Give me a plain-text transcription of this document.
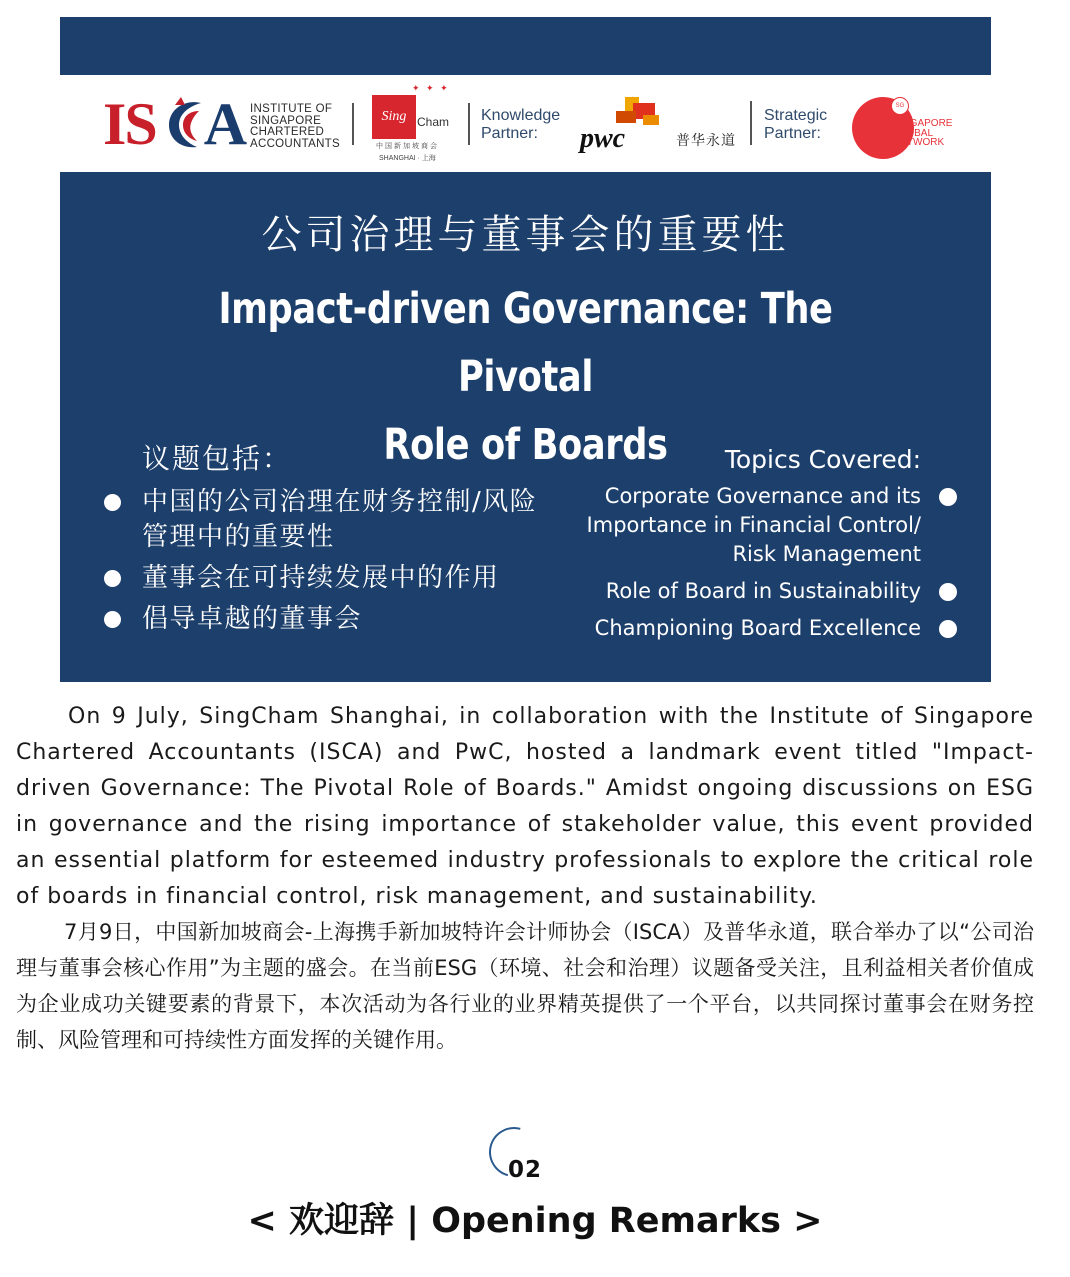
IS A INSTITUTE OF
SINGAPORE
CHARTERED
ACCOUNTANTS
✦ ✦ ✦
Sing Cham
中国新加坡商会
SHANGHAI · 上海
Knowledge
Partner:	pwc	普华永道
Strategic
Partner:
SG
SINGAPORE
GLOBAL
NETWORK
公司治理与董事会的重要性
Impact-driven Governance: The Pivotal
Role of Boards
议题包括：
中国的公司治理在财务控制/风险管理中的重要性
董事会在可持续发展中的作用
倡导卓越的董事会
Topics Covered:
Corporate Governance and its Importance in Financial Control/ Risk Management
Role of Board in Sustainability
Championing Board Excellence

On 9 July, SingCham Shanghai, in collaboration with the Institute of Singapore Chartered Accountants (ISCA) and PwC, hosted a landmark event titled "Impact-driven Governance: The Pivotal Role of Boards." Amidst ongoing discussions on ESG in governance and the rising importance of stakeholder value, this event provided an essential platform for esteemed industry professionals to explore the critical role of boards in financial control, risk management, and sustainability.

7月9日，中国新加坡商会-上海携手新加坡特许会计师协会（ISCA）及普华永道，联合举办了以“公司治理与董事会核心作用”为主题的盛会。在当前ESG（环境、社会和治理）议题备受关注，且利益相关者价值成为企业成功关键要素的背景下，本次活动为各行业的业界精英提供了一个平台，以共同探讨董事会在财务控制、风险管理和可持续性方面发挥的关键作用。

02
< 欢迎辞 | Opening Remarks >
